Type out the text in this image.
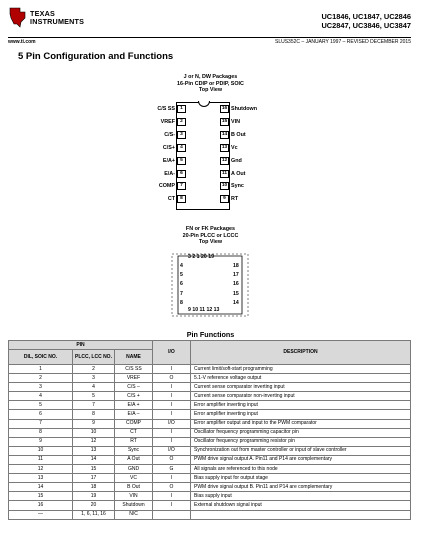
TEXAS
INSTRUMENTS
UC1846, UC1847, UC2846
UC2847, UC3846, UC3847
www.ti.com	SLUS352C – JANUARY 1997 – REVISED DECEMBER 2015
5 Pin Configuration and Functions
J or N, DW Packages
16-Pin CDIP or PDIP, SOIC
Top View
C/S SS 1
VREF 2
C/S- 3
C/S+ 4
E/A+ 5
E/A- 6
COMP 7
CT 8
16 Shutdown
15 VIN
14 B Out
13 Vc
12 Gnd
11 A Out
10 Sync
9 RT
FN or FK Packages
20-Pin PLCC or LCCC
Top View
3 2 1 20 19
9 10 11 12 13
4
5
6
7
8
18
17
16
15
14
Pin Functions
PIN			I/O	DESCRIPTION
DIL, SOIC NO.	PLCC, LCC NO.	NAME		
1	2	C/S SS	I	Current limit/soft-start programming
2	3	VREF	O	5.1-V reference voltage output
3	4	C/S –	I	Current sense comparator inverting input
4	5	C/S +	I	Current sense comparator non-inverting input
5	7	E/A +	I	Error amplifier inverting input
6	8	E/A –	I	Error amplifier inverting input
7	9	COMP	I/O	Error amplifier output and input to the PWM comparator
8	10	CT	I	Oscillator frequency programming capacitor pin
9	12	RT	I	Oscillator frequency programming resistor pin
10	13	Sync	I/O	Synchronization out from master controller or input of slave controller
11	14	A Out	O	PWM drive signal output A. Pin11 and P14 are complementary
12	15	GND	G	All signals are referenced to this node
13	17	VC	I	Bias supply input for output stage
14	18	B Out	O	PWM drive signal output B. Pin11 and P14 are complementary
15	19	VIN	I	Bias supply input
16	20	Shutdown	I	External shutdown signal input
—	1, 6, 11, 16	N/C		
